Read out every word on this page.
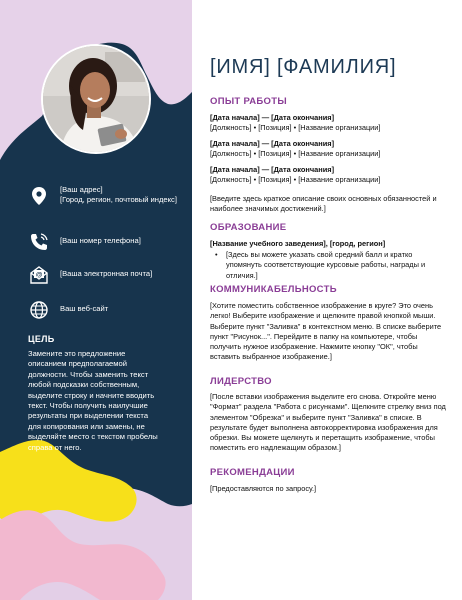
[Ваш адрес]
[Город, регион, почтовый индекс]
[Ваш номер телефона]
@ [Ваша электронная почта]
Ваш веб-сайт
ЦЕЛЬ
Замените это предложение описанием предполагаемой должности. Чтобы заменить текст любой подсказки собственным, выделите строку и начните вводить текст. Чтобы получить наилучшие результаты при выделении текста для копирования или замены, не выделяйте место с текстом пробелы справа от него.
[ИМЯ] [ФАМИЛИЯ]
ОПЫТ РАБОТЫ
[Дата начала] — [Дата окончания]
[Должность] • [Позиция] • [Название организации]
[Дата начала] — [Дата окончания]
[Должность] • [Позиция] • [Название организации]
[Дата начала] — [Дата окончания]
[Должность] • [Позиция] • [Название организации]
[Введите здесь краткое описание своих основных обязанностей и наиболее значимых достижений.]
ОБРАЗОВАНИЕ
[Название учебного заведения], [город, регион]
• [Здесь вы можете указать свой средний балл и кратко упомянуть соответствующие курсовые работы, награды и отличия.]
КОММУНИКАБЕЛЬНОСТЬ
[Хотите поместить собственное изображение в круге? Это очень легко! Выберите изображение и щелкните правой кнопкой мыши. Выберите пункт "Заливка" в контекстном меню. В списке выберите пункт "Рисунок...". Перейдите в папку на компьютере, чтобы получить нужное изображение. Нажмите кнопку "ОК", чтобы вставить выбранное изображение.]
ЛИДЕРСТВО
[После вставки изображения выделите его снова. Откройте меню "Формат" раздела "Работа с рисунками". Щелкните стрелку вниз под элементом "Обрезка" и выберите пункт "Заливка" в списке. В результате будет выполнена автокорректировка изображения для обрезки. Вы можете щелкнуть и перетащить изображение, чтобы поместить его надлежащим образом.]
РЕКОМЕНДАЦИИ
[Предоставляются по запросу.]
